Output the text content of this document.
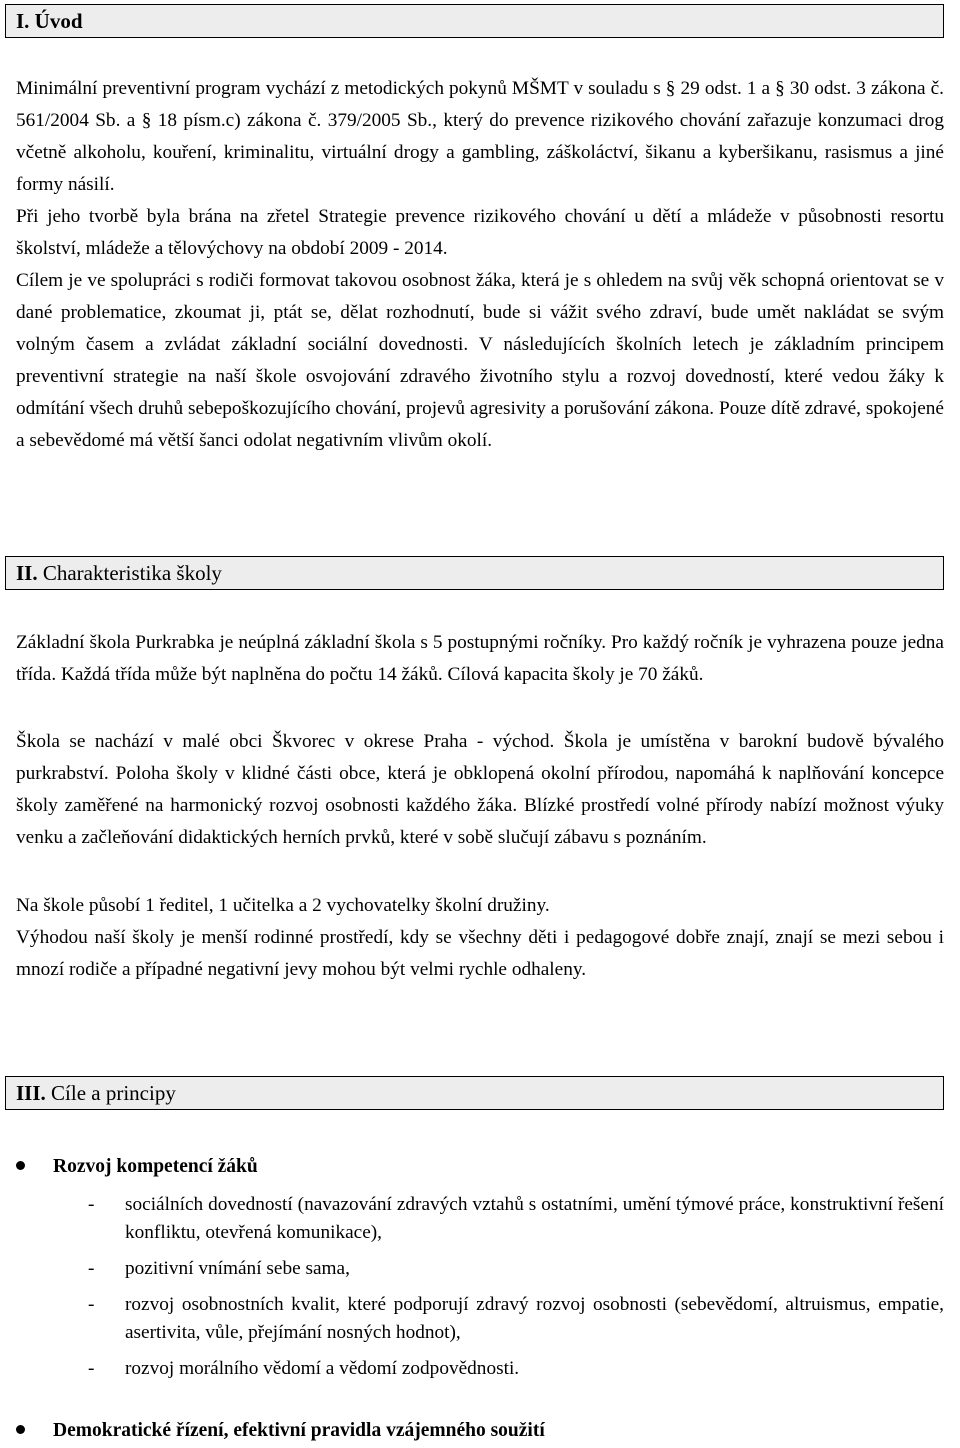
I. Úvod

Minimální preventivní program vychází z metodických pokynů MŠMT v souladu s § 29 odst. 1 a § 30 odst. 3 zákona č. 561/2004 Sb. a § 18 písm.c) zákona č. 379/2005 Sb., který do prevence rizikového chování zařazuje konzumaci drog včetně alkoholu, kouření, kriminalitu, virtuální drogy a gambling, záškoláctví, šikanu a kyberšikanu, rasismus a jiné formy násilí.

Při jeho tvorbě byla brána na zřetel Strategie prevence rizikového chování u dětí a mládeže v působnosti resortu školství, mládeže a tělovýchovy na období 2009 - 2014.

Cílem je ve spolupráci s rodiči formovat takovou osobnost žáka, která je s ohledem na svůj věk schopná orientovat se v dané problematice, zkoumat ji, ptát se, dělat rozhodnutí, bude si vážit svého zdraví, bude umět nakládat se svým volným časem a zvládat základní sociální dovednosti. V následujících školních letech je základním principem preventivní strategie na naší škole osvojování zdravého životního stylu a rozvoj dovedností, které vedou žáky k odmítání všech druhů sebepoškozujícího chování, projevů agresivity a porušování zákona. Pouze dítě zdravé, spokojené a sebevědomé má větší šanci odolat negativním vlivům okolí.

II. Charakteristika školy

Základní škola Purkrabka je neúplná základní škola s 5 postupnými ročníky. Pro každý ročník je vyhrazena pouze jedna třída. Každá třída může být naplněna do počtu 14 žáků. Cílová kapacita školy je 70 žáků.

Škola se nachází v malé obci Škvorec v okrese Praha - východ. Škola je umístěna v barokní budově bývalého purkrabství. Poloha školy v klidné části obce, která je obklopená okolní přírodou, napomáhá k naplňování koncepce školy zaměřené na harmonický rozvoj osobnosti každého žáka. Blízké prostředí volné přírody nabízí možnost výuky venku a začleňování didaktických herních prvků, které v sobě slučují zábavu s poznáním.

Na škole působí 1 ředitel, 1 učitelka a 2 vychovatelky školní družiny.

Výhodou naší školy je menší rodinné prostředí, kdy se všechny děti i pedagogové dobře znají, znají se mezi sebou i mnozí rodiče a případné negativní jevy mohou být velmi rychle odhaleny.

III. Cíle a principy
Rozvoj kompetencí žáků
- sociálních dovedností (navazování zdravých vztahů s ostatními, umění týmové práce, konstruktivní řešení konfliktu, otevřená komunikace),
- pozitivní vnímání sebe sama,
- rozvoj osobnostních kvalit, které podporují zdravý rozvoj osobnosti (sebevědomí, altruismus, empatie, asertivita, vůle, přejímání nosných hodnot),
- rozvoj morálního vědomí a vědomí zodpovědnosti.
Demokratické řízení, efektivní pravidla vzájemného soužití
